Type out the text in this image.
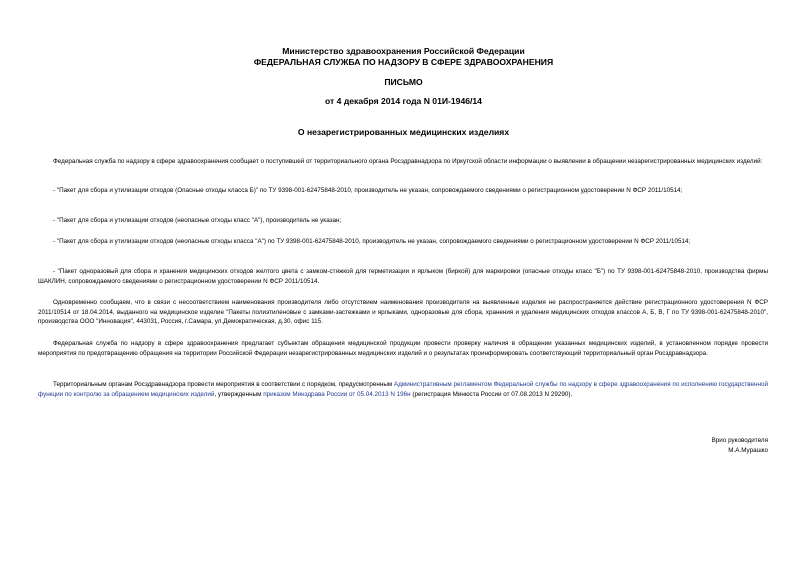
Министерство здравоохранения Российской Федерации
ФЕДЕРАЛЬНАЯ СЛУЖБА ПО НАДЗОРУ В СФЕРЕ ЗДРАВООХРАНЕНИЯ
ПИСЬМО
от 4 декабря 2014 года N 01И-1946/14
О незарегистрированных медицинских изделиях
Федеральная служба по надзору в сфере здравоохранения сообщает о поступившей от территориального органа Росздравнадзора по Иркутской области информации о выявлении в обращении незарегистрированных медицинских изделий:
- "Пакет для сбора и утилизации отходов (Опасные отходы класса Б)" по ТУ 9398-001-62475848-2010, производитель не указан, сопровождаемого сведениями о регистрационном удостоверении N ФСР 2011/10514;
- "Пакет для сбора и утилизации отходов (неопасные отходы класс "А"), производитель не указан;
- "Пакет для сбора и утилизации отходов (неопасные отходы класса "А") по ТУ 9398-001-62475848-2010, производитель не указан, сопровождаемого сведениями о регистрационном удостоверении N ФСР 2011/10514;
- "Пакет одноразовый для сбора и хранения медицинских отходов желтого цвета с замком-стяжкой для герметизации и ярлыком (биркой) для маркировки (опасные отходы класс "Б") по ТУ 9398-001-62475848-2010, производства фирмы ШАКЛИН, сопровождаемого сведениями о регистрационном удостоверении N ФСР 2011/10514.
Одновременно сообщаем, что в связи с несоответствием наименования производителя либо отсутствием наименования производителя на выявленные изделия не распространяется действие регистрационного удостоверения N ФСР 2011/10514 от 18.04.2014, выданного на медицинское изделие "Пакеты полиэтиленовые с замками-застежками и ярлыками, одноразовые для сбора, хранения и удаления медицинских отходов классов А, Б, В, Г по ТУ 9398-001-62475848-2010", производства ООО "Инновация", 443031, Россия, г.Самара, ул.Демократическая, д.30, офис 115.
Федеральная служба по надзору в сфере здравоохранения предлагает субъектам обращения медицинской продукции провести проверку наличия в обращении указанных медицинских изделий, в установленном порядке провести мероприятия по предотвращению обращения на территории Российской Федерации незарегистрированных медицинских изделий и о результатах проинформировать соответствующий территориальный орган Росздравнадзора.
Территориальным органам Росздравнадзора провести мероприятия в соответствии с порядком, предусмотренным Административным регламентом Федеральной службы по надзору в сфере здравоохранения по исполнению государственной функции по контролю за обращением медицинских изделий, утвержденным приказом Минздрава России от 05.04.2013 N 196н (регистрация Минюста России от 07.08.2013 N 29290).
Врио руководителя
М.А.Мурашко
